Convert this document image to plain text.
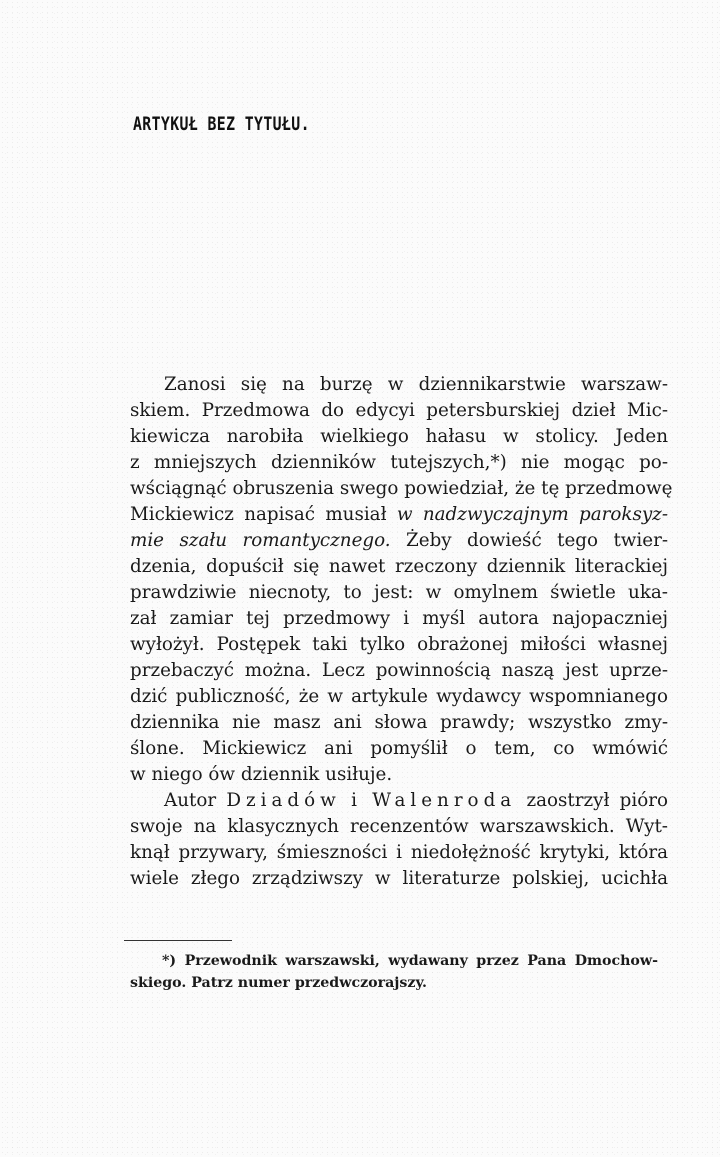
ARTYKUŁ BEZ TYTUŁU.
Zanosi się na burzę w dziennikarstwie warszaw-
skiem. Przedmowa do edycyi petersburskiej dzieł Mic-
kiewicza narobiła wielkiego hałasu w stolicy. Jeden
z mniejszych dzienników tutejszych,*) nie mogąc po-
wściągnąć obruszenia swego powiedział, że tę przedmowę
Mickiewicz napisać musiał w nadzwyczajnym paroksyz-
mie szału romantycznego. Żeby dowieść tego twier-
dzenia, dopuścił się nawet rzeczony dziennik literackiej
prawdziwie niecnoty, to jest: w omylnem świetle uka-
zał zamiar tej przedmowy i myśl autora najopaczniej
wyłożył. Postępek taki tylko obrażonej miłości własnej
przebaczyć można. Lecz powinnością naszą jest uprze-
dzić publiczność, że w artykule wydawcy wspomnianego
dziennika nie masz ani słowa prawdy; wszystko zmy-
ślone. Mickiewicz ani pomyślił o tem, co wmówić
w niego ów dziennik usiłuje.
Autor Dziadów i Walenroda zaostrzył pióro
swoje na klasycznych recenzentów warszawskich. Wyt-
knął przywary, śmieszności i niedołężność krytyki, która
wiele złego zrządziwszy w literaturze polskiej, ucichła
*) Przewodnik warszawski, wydawany przez Pana Dmochow-
skiego. Patrz numer przedwczorajszy.
